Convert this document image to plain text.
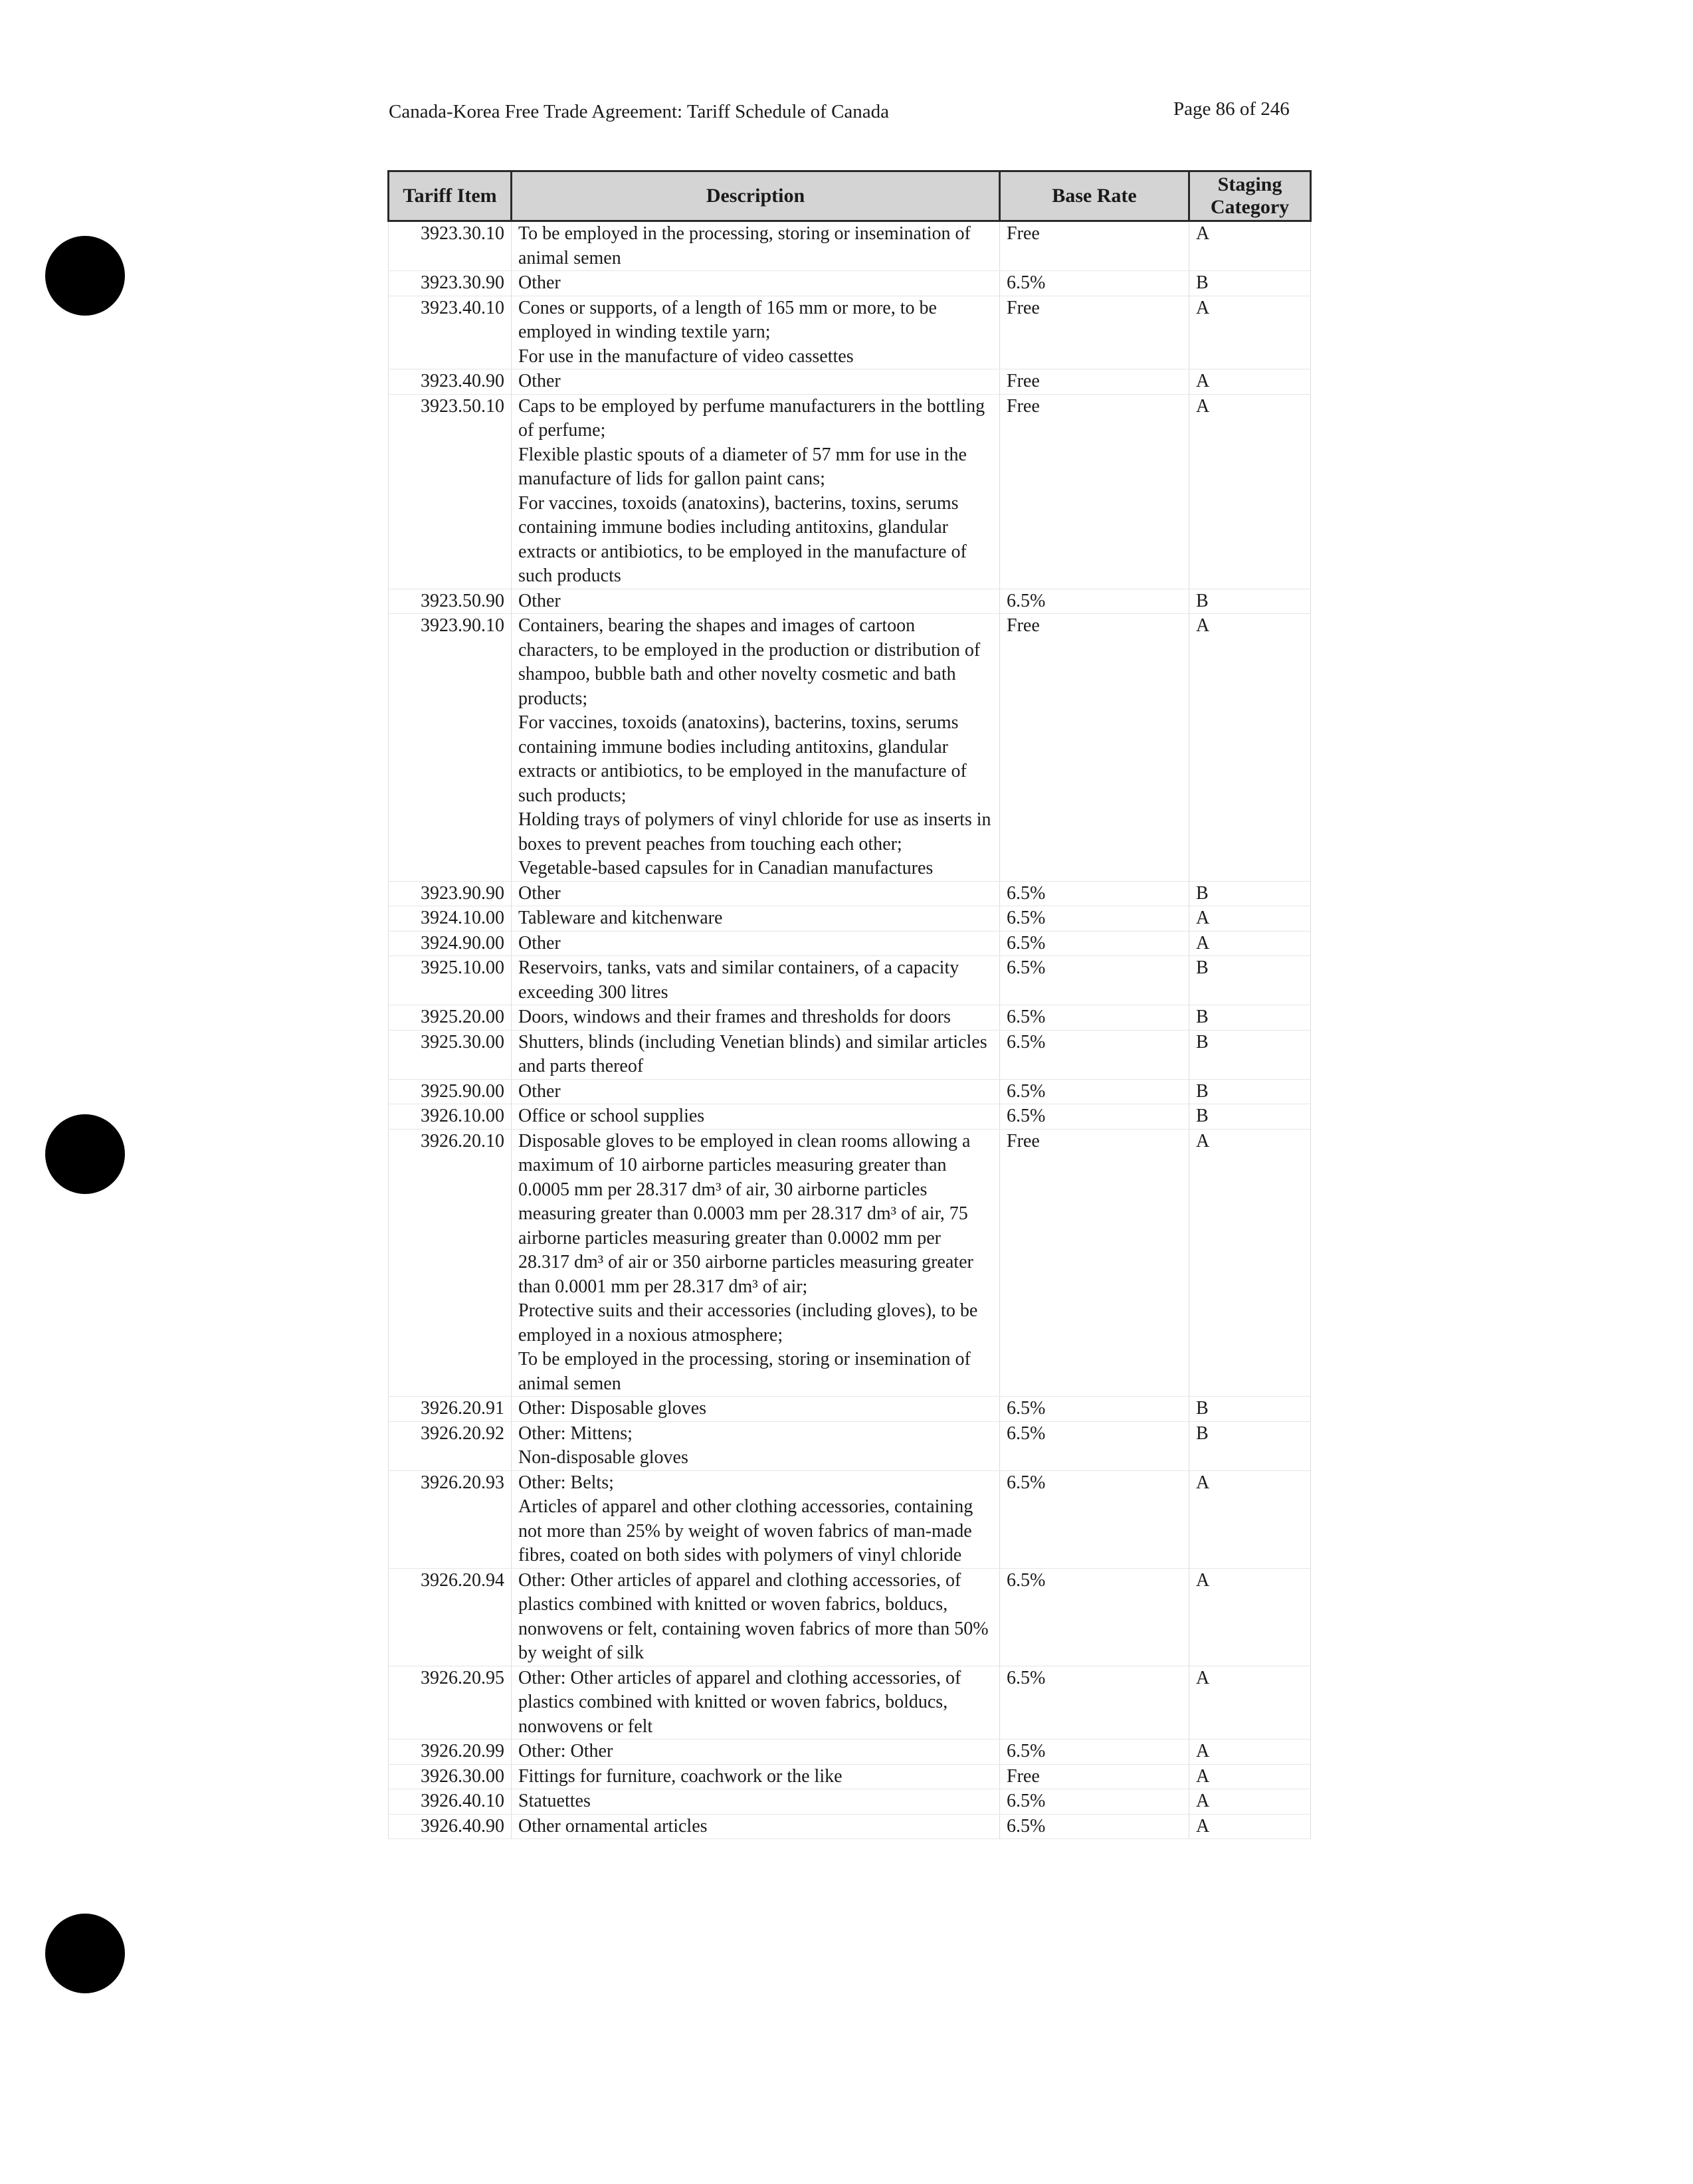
Canada-Korea Free Trade Agreement: Tariff Schedule of Canada	Page 86 of 246
Tariff Item	Description	Base Rate	Staging Category
3923.30.10	To be employed in the processing, storing or insemination of animal semen	Free	A
3923.30.90	Other	6.5%	B
3923.40.10	Cones or supports, of a length of 165 mm or more, to be employed in winding textile yarn;
For use in the manufacture of video cassettes	Free	A
3923.40.90	Other	Free	A
3923.50.10	Caps to be employed by perfume manufacturers in the bottling of perfume;
Flexible plastic spouts of a diameter of 57 mm for use in the manufacture of lids for gallon paint cans;
For vaccines, toxoids (anatoxins), bacterins, toxins, serums containing immune bodies including antitoxins, glandular extracts or antibiotics, to be employed in the manufacture of such products	Free	A
3923.50.90	Other	6.5%	B
3923.90.10	Containers, bearing the shapes and images of cartoon characters, to be employed in the production or distribution of shampoo, bubble bath and other novelty cosmetic and bath products;
For vaccines, toxoids (anatoxins), bacterins, toxins, serums containing immune bodies including antitoxins, glandular extracts or antibiotics, to be employed in the manufacture of such products;
Holding trays of polymers of vinyl chloride for use as inserts in boxes to prevent peaches from touching each other;
Vegetable-based capsules for in Canadian manufactures	Free	A
3923.90.90	Other	6.5%	B
3924.10.00	Tableware and kitchenware	6.5%	A
3924.90.00	Other	6.5%	A
3925.10.00	Reservoirs, tanks, vats and similar containers, of a capacity exceeding 300 litres	6.5%	B
3925.20.00	Doors, windows and their frames and thresholds for doors	6.5%	B
3925.30.00	Shutters, blinds (including Venetian blinds) and similar articles and parts thereof	6.5%	B
3925.90.00	Other	6.5%	B
3926.10.00	Office or school supplies	6.5%	B
3926.20.10	Disposable gloves to be employed in clean rooms allowing a maximum of 10 airborne particles measuring greater than 0.0005 mm per 28.317 dm³ of air, 30 airborne particles measuring greater than 0.0003 mm per 28.317 dm³ of air, 75 airborne particles measuring greater than 0.0002 mm per 28.317 dm³ of air or 350 airborne particles measuring greater than 0.0001 mm per 28.317 dm³ of air;
Protective suits and their accessories (including gloves), to be employed in a noxious atmosphere;
To be employed in the processing, storing or insemination of animal semen	Free	A
3926.20.91	Other: Disposable gloves	6.5%	B
3926.20.92	Other: Mittens;
Non-disposable gloves	6.5%	B
3926.20.93	Other: Belts;
Articles of apparel and other clothing accessories, containing not more than 25% by weight of woven fabrics of man-made fibres, coated on both sides with polymers of vinyl chloride	6.5%	A
3926.20.94	Other: Other articles of apparel and clothing accessories, of plastics combined with knitted or woven fabrics, bolducs, nonwovens or felt, containing woven fabrics of more than 50% by weight of silk	6.5%	A
3926.20.95	Other: Other articles of apparel and clothing accessories, of plastics combined with knitted or woven fabrics, bolducs, nonwovens or felt	6.5%	A
3926.20.99	Other: Other	6.5%	A
3926.30.00	Fittings for furniture, coachwork or the like	Free	A
3926.40.10	Statuettes	6.5%	A
3926.40.90	Other ornamental articles	6.5%	A
